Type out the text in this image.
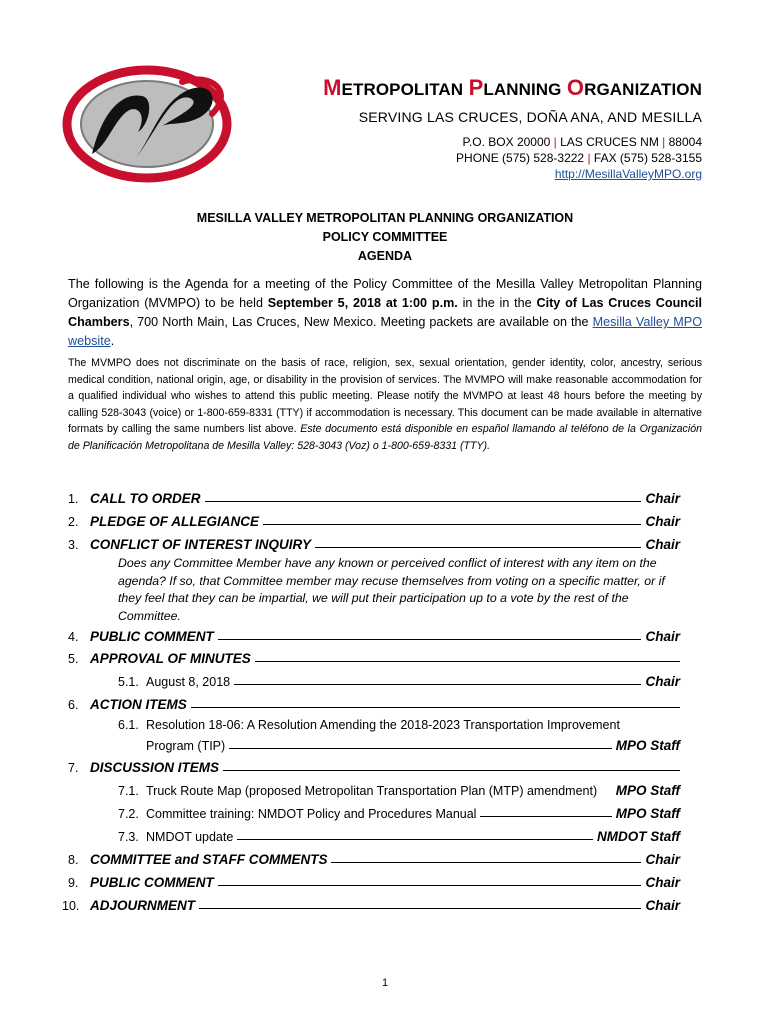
METROPOLITAN PLANNING ORGANIZATION
SERVING LAS CRUCES, DOÑA ANA, AND MESILLA
P.O. BOX 20000 | LAS CRUCES NM | 88004
PHONE (575) 528-3222 | FAX (575) 528-3155
http://MesillaValleyMPO.org
MESILLA VALLEY METROPOLITAN PLANNING ORGANIZATION
POLICY COMMITTEE
AGENDA
The following is the Agenda for a meeting of the Policy Committee of the Mesilla Valley Metropolitan Planning Organization (MVMPO) to be held September 5, 2018 at 1:00 p.m. in the in the City of Las Cruces Council Chambers, 700 North Main, Las Cruces, New Mexico. Meeting packets are available on the Mesilla Valley MPO website.
The MVMPO does not discriminate on the basis of race, religion, sex, sexual orientation, gender identity, color, ancestry, serious medical condition, national origin, age, or disability in the provision of services. The MVMPO will make reasonable accommodation for a qualified individual who wishes to attend this public meeting. Please notify the MVMPO at least 48 hours before the meeting by calling 528-3043 (voice) or 1-800-659-8331 (TTY) if accommodation is necessary. This document can be made available in alternative formats by calling the same numbers list above. Este documento está disponible en español llamando al teléfono de la Organización de Planificación Metropolitana de Mesilla Valley: 528-3043 (Voz) o 1-800-659-8331 (TTY).
1. CALL TO ORDER	Chair
2. PLEDGE OF ALLEGIANCE	Chair
3. CONFLICT OF INTEREST INQUIRY	Chair
Does any Committee Member have any known or perceived conflict of interest with any item on the agenda? If so, that Committee member may recuse themselves from voting on a specific matter, or if they feel that they can be impartial, we will put their participation up to a vote by the rest of the Committee.
4. PUBLIC COMMENT	Chair
5. APPROVAL OF MINUTES
5.1. August 8, 2018	Chair
6. ACTION ITEMS
6.1. Resolution 18-06: A Resolution Amending the 2018-2023 Transportation Improvement
Program (TIP)	MPO Staff
7. DISCUSSION ITEMS
7.1. Truck Route Map (proposed Metropolitan Transportation Plan (MTP) amendment) MPO Staff
7.2. Committee training: NMDOT Policy and Procedures Manual	MPO Staff
7.3. NMDOT update	NMDOT Staff
8. COMMITTEE and STAFF COMMENTS	Chair
9. PUBLIC COMMENT	Chair
10. ADJOURNMENT	Chair
1
